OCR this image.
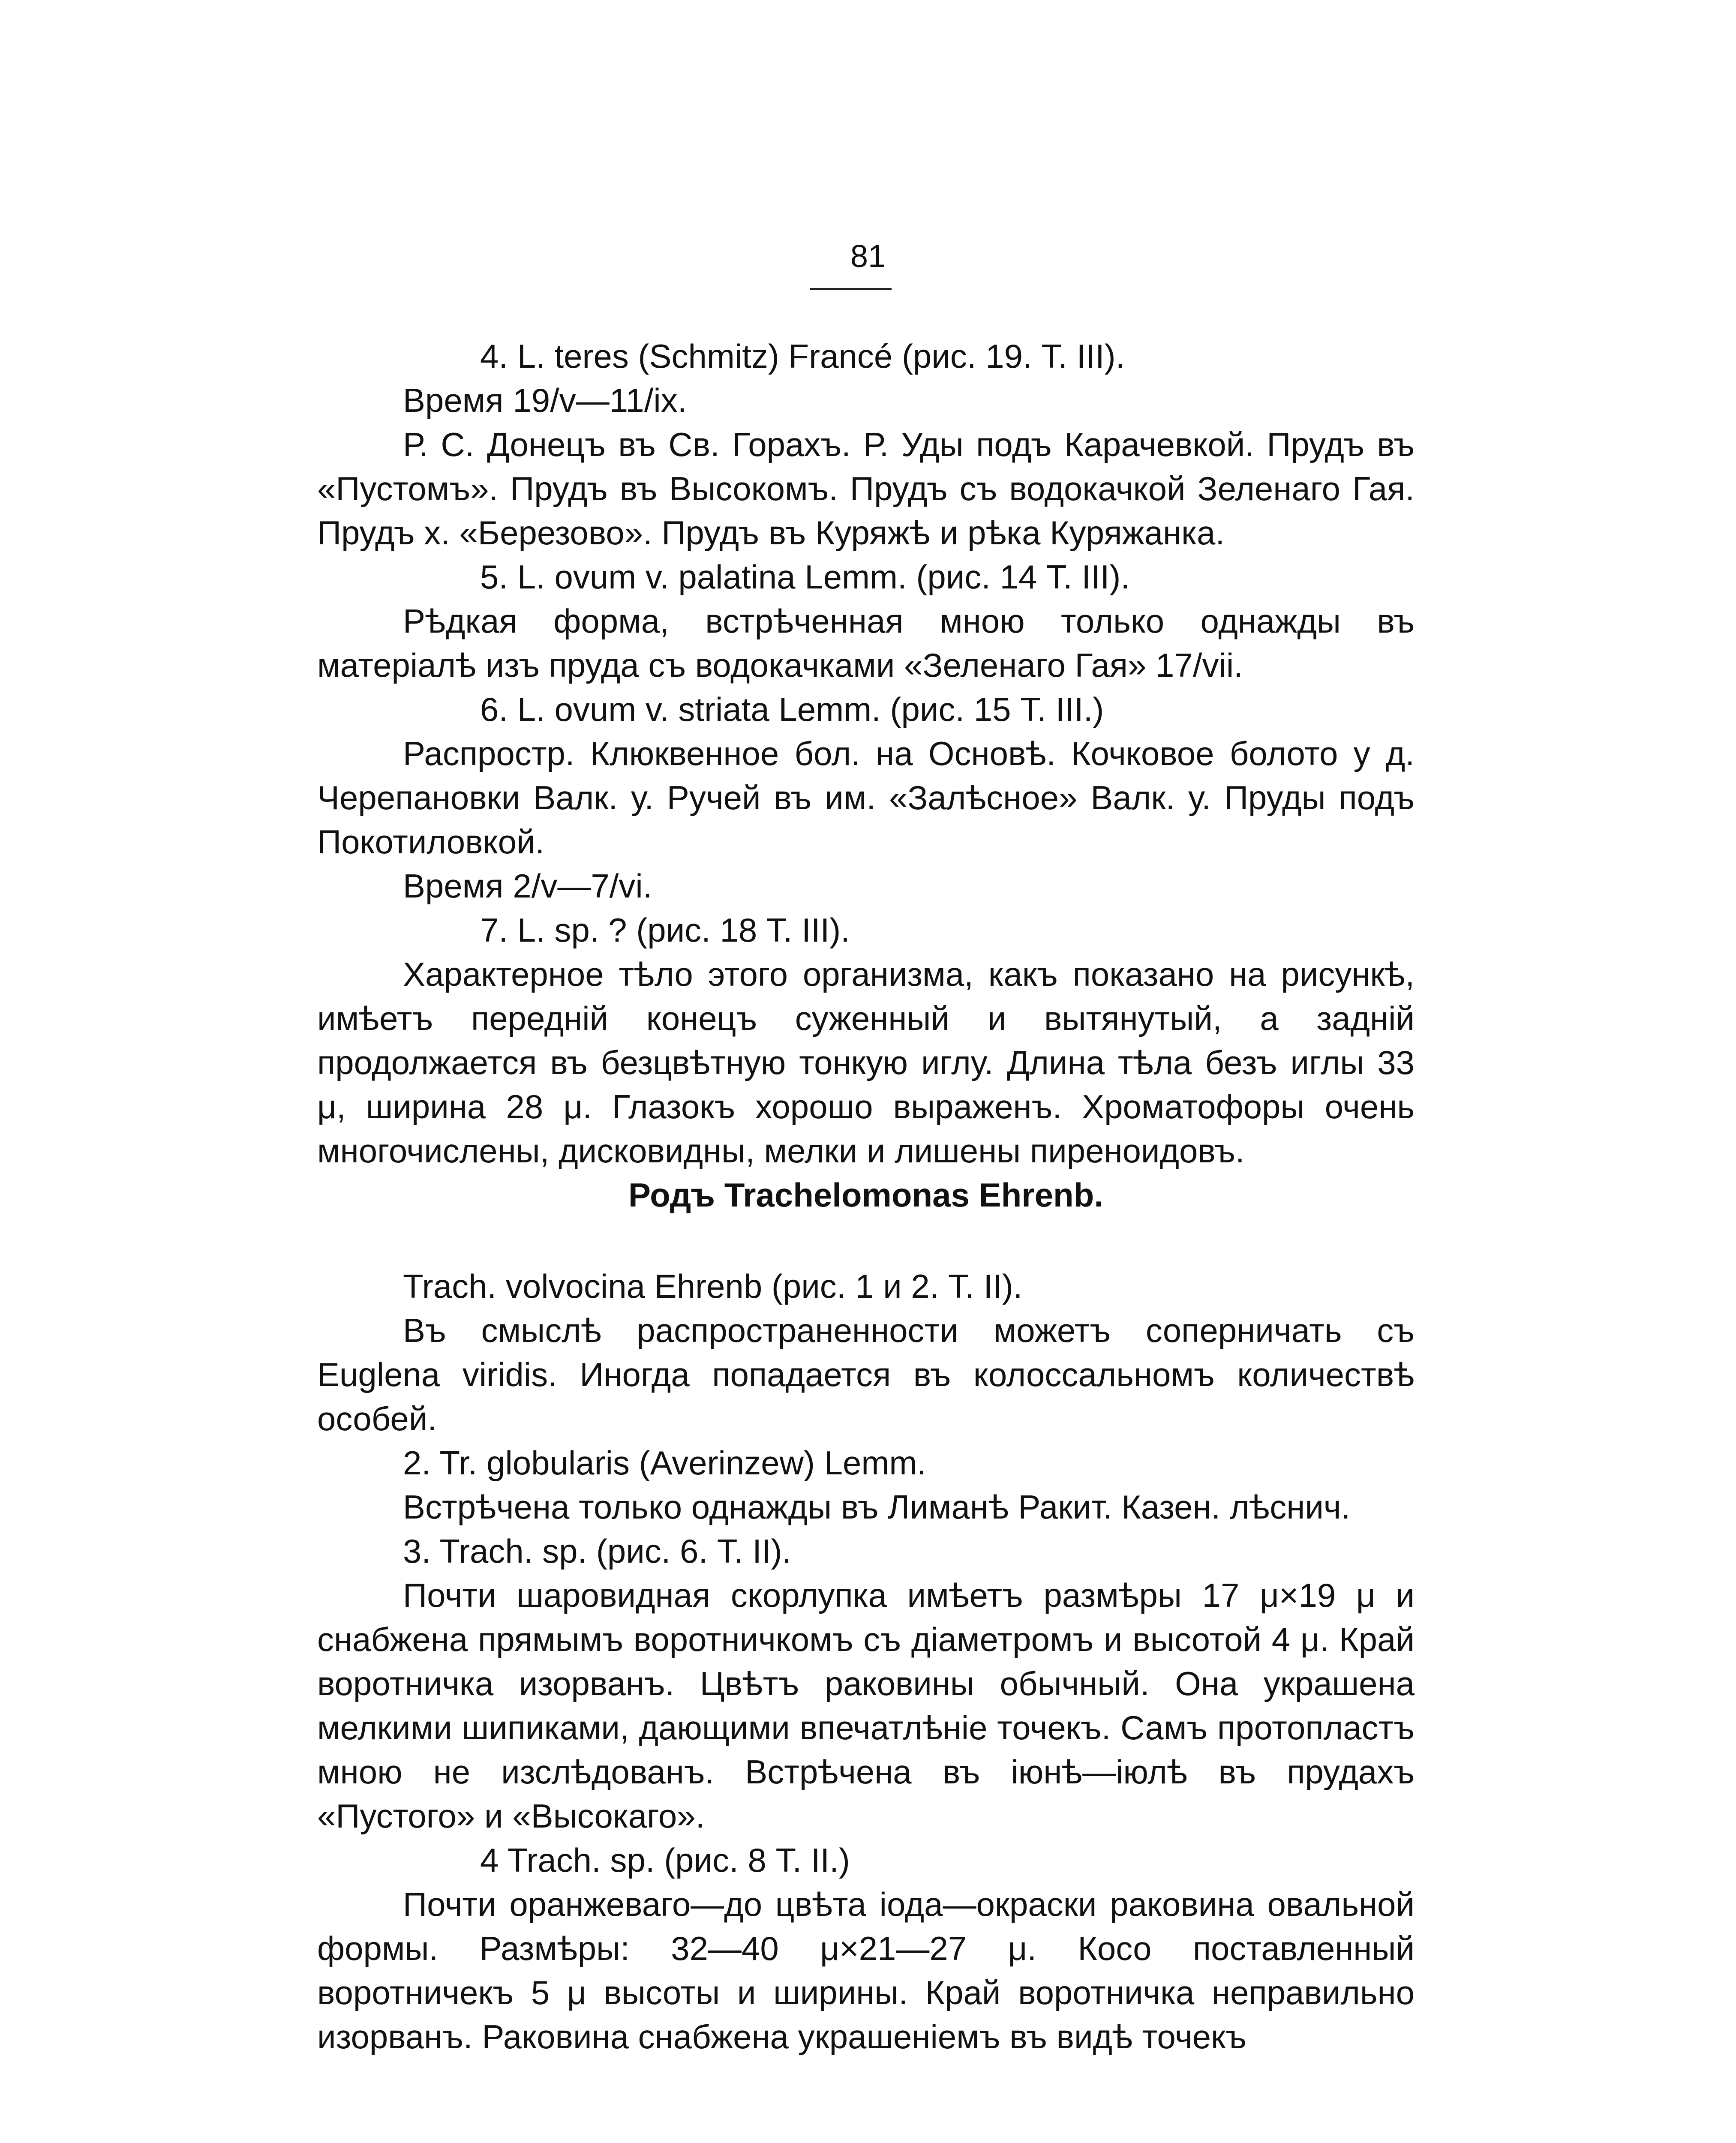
81

4. L. teres (Schmitz) Francé (рис. 19. Т. III).

Время 19/v—11/ix.

Р. С. Донецъ въ Св. Горахъ. Р. Уды подъ Карачевкой. Прудъ въ «Пустомъ». Прудъ въ Высокомъ. Прудъ съ водокачкой Зеленаго Гая. Прудъ х. «Березово». Прудъ въ Куряжѣ и рѣка Куряжанка.

5. L. ovum v. palatina Lemm. (рис. 14 Т. III).

Рѣдкая форма, встрѣченная мною только однажды въ матеріалѣ изъ пруда съ водокачками «Зеленаго Гая» 17/vii.

6. L. ovum v. striata Lemm. (рис. 15 Т. III.)

Распростр. Клюквенное бол. на Основѣ. Кочковое болото у д. Черепановки Валк. у. Ручей въ им. «Залѣсное» Валк. у. Пруды подъ Покотиловкой.

Время 2/v—7/vi.

7. L. sp. ? (рис. 18 Т. III).

Характерное тѣло этого организма, какъ показано на рисункѣ, имѣетъ передній конецъ суженный и вытянутый, а задній продолжается въ безцвѣтную тонкую иглу. Длина тѣла безъ иглы 33 μ, ширина 28 μ. Глазокъ хорошо выраженъ. Хроматофоры очень многочислены, дисковидны, мелки и лишены пиреноидовъ.

Родъ Trachelomonas Ehrenb.

Trach. volvocina Ehrenb (рис. 1 и 2. Т. II).

Въ смыслѣ распространенности можетъ соперничать съ Euglena viridis. Иногда попадается въ колоссальномъ количествѣ особей.

2. Tr. globularis (Averinzew) Lemm.

Встрѣчена только однажды въ Лиманѣ Ракит. Казен. лѣснич.

3. Trach. sp. (рис. 6. Т. II).

Почти шаровидная скорлупка имѣетъ размѣры 17 μ×19 μ и снабжена прямымъ воротничкомъ съ діаметромъ и высотой 4 μ. Край воротничка изорванъ. Цвѣтъ раковины обычный. Она украшена мелкими шипиками, дающими впечатлѣніе точекъ. Самъ протопластъ мною не изслѣдованъ. Встрѣчена въ іюнѣ—іюлѣ въ прудахъ «Пустого» и «Высокаго».

4 Trach. sp. (рис. 8 Т. II.)

Почти оранжеваго—до цвѣта іода—окраски раковина овальной формы. Размѣры: 32—40 μ×21—27 μ. Косо поставленный воротничекъ 5 μ высоты и ширины. Край воротничка неправильно изорванъ. Раковина снабжена украшеніемъ въ видѣ точекъ
